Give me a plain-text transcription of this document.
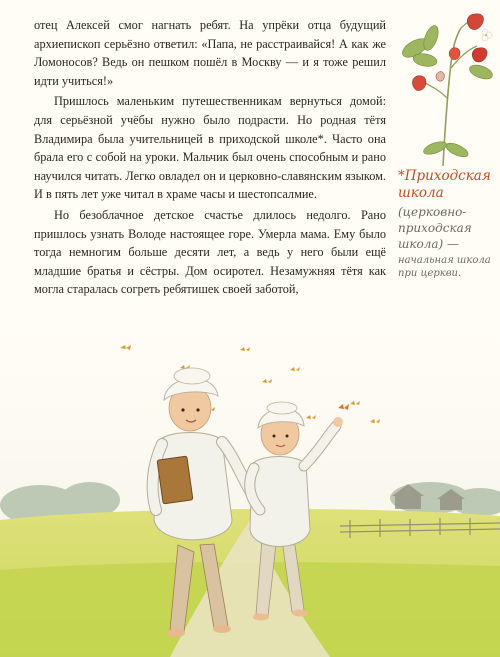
отец Алексей смог нагнать ребят. На упрёки отца будущий архиепископ серьёзно ответил: «Папа, не расстраивайся! А как же Ломоносов? Ведь он пешком пошёл в Москву — и я тоже решил идти учиться!»

Пришлось маленьким путешественникам вернуться домой: для серьёзной учёбы нужно было подрасти. Но родная тётя Владимира была учительницей в приходской школе*. Часто она брала его с собой на уроки. Мальчик был очень способным и рано научился читать. Легко овладел он и церковно-славянским языком. И в пять лет уже читал в храме часы и шестопсалмие.

Но безоблачное детское счастье длилось недолго. Рано пришлось узнать Володе настоящее горе. Умерла мама. Ему было тогда немногим больше десяти лет, а ведь у него были ещё младшие братья и сёстры. Дом осиротел. Незамужняя тётя как могла старалась согреть ребятишек своей заботой,

*Приходская школа
(церковно-приходская школа) —
начальная школа при церкви.
